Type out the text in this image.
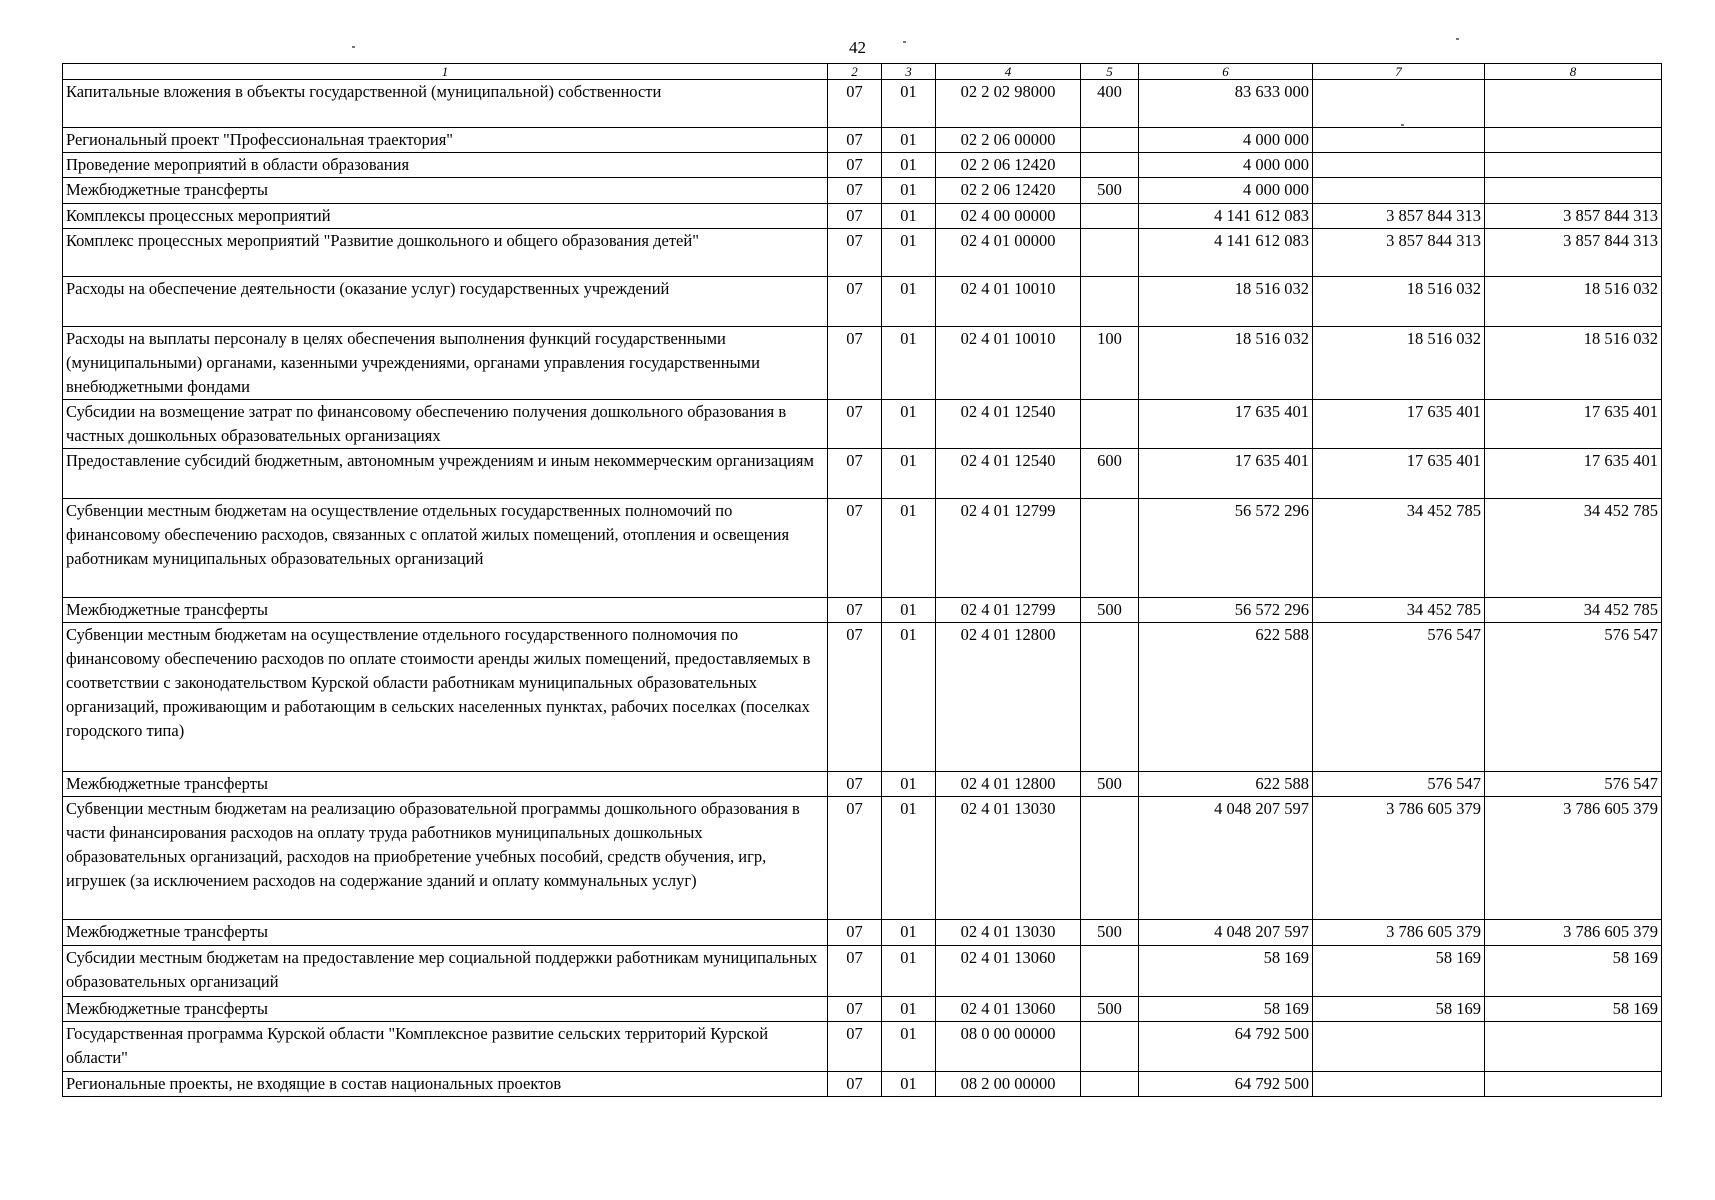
42
1	2	3	4	5	6	7	8
Капитальные вложения в объекты государственной (муниципальной) собственности	07	01	02 2 02 98000	400	83 633 000		
Региональный проект "Профессиональная траектория"	07	01	02 2 06 00000		4 000 000		
Проведение мероприятий в области образования	07	01	02 2 06 12420		4 000 000		
Межбюджетные трансферты	07	01	02 2 06 12420	500	4 000 000		
Комплексы процессных мероприятий	07	01	02 4 00 00000		4 141 612 083	3 857 844 313	3 857 844 313
Комплекс процессных мероприятий "Развитие дошкольного и общего образования детей"	07	01	02 4 01 00000		4 141 612 083	3 857 844 313	3 857 844 313
Расходы на обеспечение деятельности (оказание услуг) государственных учреждений	07	01	02 4 01 10010		18 516 032	18 516 032	18 516 032
Расходы на выплаты персоналу в целях обеспечения выполнения функций государственными (муниципальными) органами, казенными учреждениями, органами управления государственными внебюджетными фондами	07	01	02 4 01 10010	100	18 516 032	18 516 032	18 516 032
Субсидии на возмещение затрат по финансовому обеспечению получения дошкольного образования в частных дошкольных образовательных организациях	07	01	02 4 01 12540		17 635 401	17 635 401	17 635 401
Предоставление субсидий бюджетным, автономным учреждениям и иным некоммерческим организациям	07	01	02 4 01 12540	600	17 635 401	17 635 401	17 635 401
Субвенции местным бюджетам на осуществление отдельных государственных полномочий по финансовому обеспечению расходов, связанных с оплатой жилых помещений, отопления и освещения работникам муниципальных образовательных организаций	07	01	02 4 01 12799		56 572 296	34 452 785	34 452 785
Межбюджетные трансферты	07	01	02 4 01 12799	500	56 572 296	34 452 785	34 452 785
Субвенции местным бюджетам на осуществление отдельного государственного полномочия по финансовому обеспечению расходов по оплате стоимости аренды жилых помещений, предоставляемых в соответствии с законодательством Курской области работникам муниципальных образовательных организаций, проживающим и работающим в сельских населенных пунктах, рабочих поселках (поселках городского типа)	07	01	02 4 01 12800		622 588	576 547	576 547
Межбюджетные трансферты	07	01	02 4 01 12800	500	622 588	576 547	576 547
Субвенции местным бюджетам на реализацию образовательной программы дошкольного образования в части финансирования расходов на оплату труда работников муниципальных дошкольных образовательных организаций, расходов на приобретение учебных пособий, средств обучения, игр, игрушек (за исключением расходов на содержание зданий и оплату коммунальных услуг)	07	01	02 4 01 13030		4 048 207 597	3 786 605 379	3 786 605 379
Межбюджетные трансферты	07	01	02 4 01 13030	500	4 048 207 597	3 786 605 379	3 786 605 379
Субсидии местным бюджетам на предоставление мер социальной поддержки работникам муниципальных образовательных организаций	07	01	02 4 01 13060		58 169	58 169	58 169
Межбюджетные трансферты	07	01	02 4 01 13060	500	58 169	58 169	58 169
Государственная программа Курской области "Комплексное развитие сельских территорий Курской области"	07	01	08 0 00 00000		64 792 500		
Региональные проекты, не входящие в состав национальных проектов	07	01	08 2 00 00000		64 792 500		
